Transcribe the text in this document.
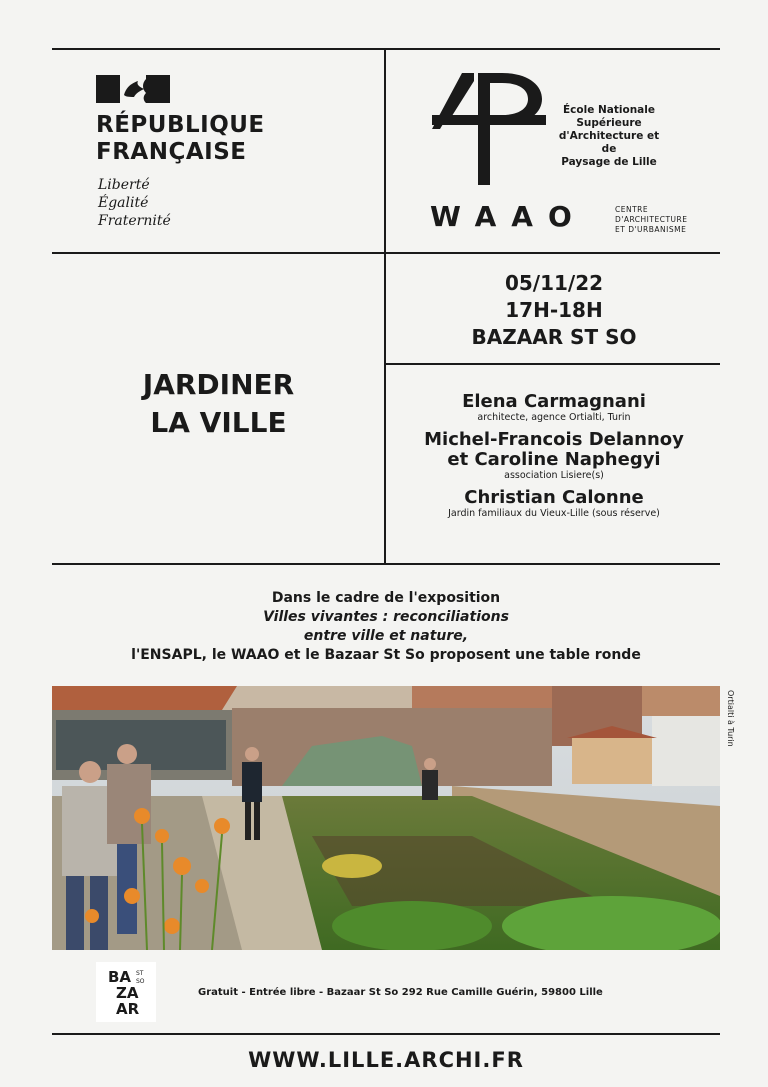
RÉPUBLIQUE
FRANÇAISE
Liberté
Égalité
Fraternité
École Nationale
Supérieure
d'Architecture et de
Paysage de Lille
WAAO	CENTRE
D'ARCHITECTURE
ET D'URBANISME
05/11/22
17H-18H
BAZAAR ST SO
JARDINER
LA VILLE
Elena Carmagnani
architecte, agence Ortialti, Turin
Michel-Francois Delannoy
et Caroline Naphegyi
association Lisiere(s)
Christian Calonne
Jardin familiaux du Vieux-Lille (sous réserve)
Dans le cadre de l'exposition
Villes vivantes : reconciliations
entre ville et nature,
l'ENSAPL, le WAAO et le Bazaar St So proposent une table ronde
Ortialti à Turin
BA ST
SO
ZA
AR
Gratuit - Entrée libre - Bazaar St So 292 Rue Camille Guérin, 59800 Lille
WWW.LILLE.ARCHI.FR
